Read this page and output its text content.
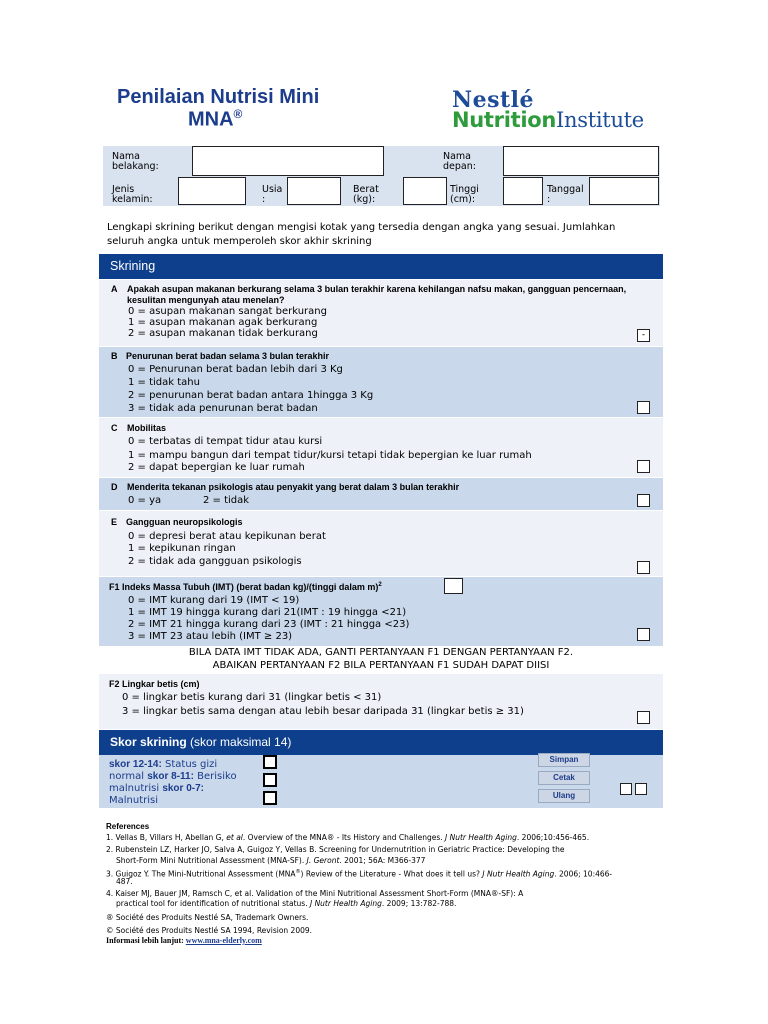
Penilaian Nutrisi Mini
MNA®
Nestlé
NutritionInstitute
Nama belakang:
Nama depan:
Jenis kelamin:
Usia :
Berat (kg):
Tinggi (cm):
Tanggal :
Lengkapi skrining berikut dengan mengisi kotak yang tersedia dengan angka yang sesuai. Jumlahkan seluruh angka untuk memperoleh skor akhir skrining
Skrining
A Apakah asupan makanan berkurang selama 3 bulan terakhir karena kehilangan nafsu makan, gangguan pencernaan, kesulitan mengunyah atau menelan?
0 = asupan makanan sangat berkurang
1 = asupan makanan agak berkurang
2 = asupan makanan tidak berkurang	-
B Penurunan berat badan selama 3 bulan terakhir
0 = Penurunan berat badan lebih dari 3 Kg
1 = tidak tahu
2 = penurunan berat badan antara 1hingga 3 Kg
3 = tidak ada penurunan berat badan
C Mobilitas
0 = terbatas di tempat tidur atau kursi
1 = mampu bangun dari tempat tidur/kursi tetapi tidak bepergian ke luar rumah
2 = dapat bepergian ke luar rumah
D Menderita tekanan psikologis atau penyakit yang berat dalam 3 bulan terakhir
0 = ya	2 = tidak
E Gangguan neuropsikologis
0 = depresi berat atau kepikunan berat
1 = kepikunan ringan
2 = tidak ada gangguan psikologis
F1 Indeks Massa Tubuh (IMT) (berat badan kg)/(tinggi dalam m)$^2$
0 = IMT kurang dari 19 (IMT < 19)
1 = IMT 19 hingga kurang dari 21(IMT : 19 hingga <21)
2 = IMT 21 hingga kurang dari 23 (IMT : 21 hingga <23)
3 = IMT 23 atau lebih (IMT ≥ 23)
BILA DATA IMT TIDAK ADA, GANTI PERTANYAAN F1 DENGAN PERTANYAAN F2.
ABAIKAN PERTANYAAN F2 BILA PERTANYAAN F1 SUDAH DAPAT DIISI
F2 Lingkar betis (cm)
0 = lingkar betis kurang dari 31 (lingkar betis < 31)
3 = lingkar betis sama dengan atau lebih besar daripada 31 (lingkar betis ≥ 31)
Skor skrining (skor maksimal 14)
skor 12-14: Status gizi
normal skor 8-11: Berisiko
malnutrisi skor 0-7:
Malnutrisi
Simpan
Cetak
Ulang
References
1. Vellas B, Villars H, Abellan G, et al. Overview of the MNA® - Its History and Challenges. J Nutr Health Aging. 2006;10:456-465.
2. Rubenstein LZ, Harker JO, Salva A, Guigoz Y, Vellas B. Screening for Undernutrition in Geriatric Practice: Developing the
Short-Form Mini Nutritional Assessment (MNA-SF). J. Geront. 2001; 56A: M366-377
3. Guigoz Y. The Mini-Nutritional Assessment (MNA®) Review of the Literature - What does it tell us? J Nutr Health Aging. 2006; 10:466-
487.
4. Kaiser MJ, Bauer JM, Ramsch C, et al. Validation of the Mini Nutritional Assessment Short-Form (MNA®-SF): A
practical tool for identification of nutritional status. J Nutr Health Aging. 2009; 13:782-788.
® Société des Produits Nestlé SA, Trademark Owners.
© Société des Produits Nestlé SA 1994, Revision 2009.
Informasi lebih lanjut: www.mna-elderly.com
